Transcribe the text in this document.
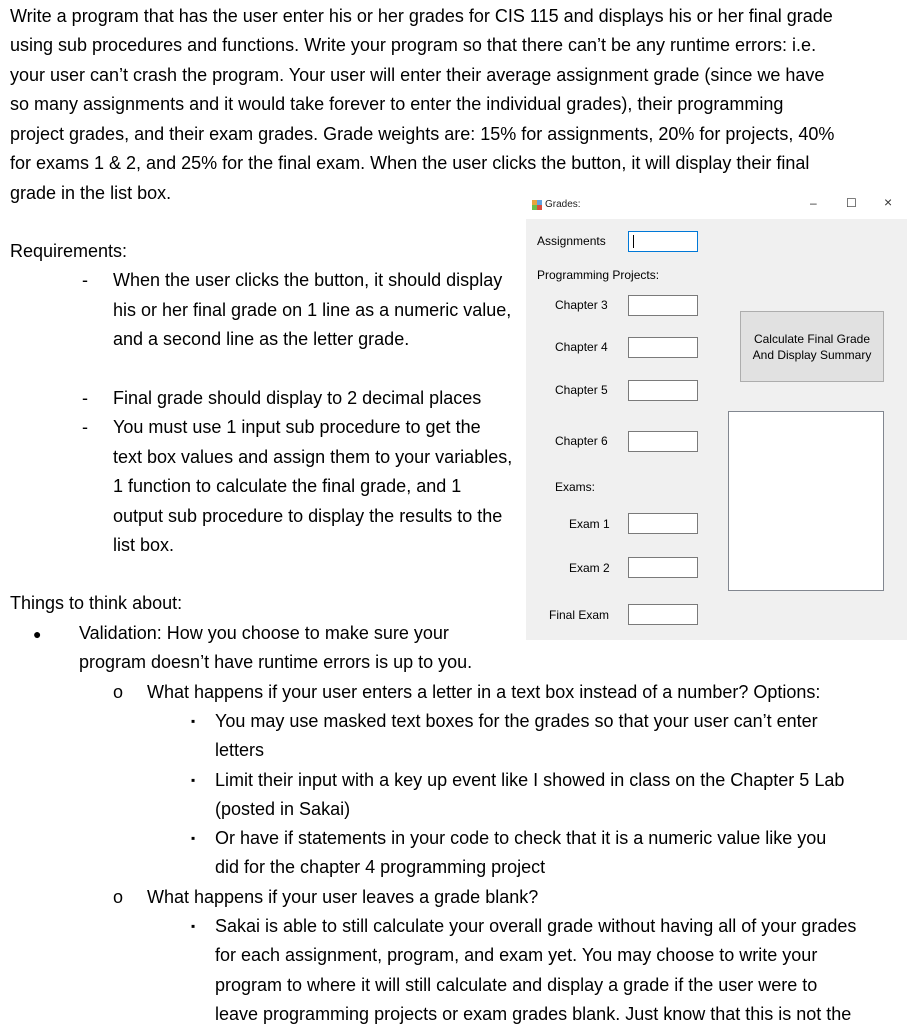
Write a program that has the user enter his or her grades for CIS 115 and displays his or her final grade
using sub procedures and functions. Write your program so that there can’t be any runtime errors: i.e.
your user can’t crash the program. Your user will enter their average assignment grade (since we have
so many assignments and it would take forever to enter the individual grades), their programming
project grades, and their exam grades. Grade weights are: 15% for assignments, 20% for projects, 40%
for exams 1 & 2, and 25% for the final exam. When the user clicks the button, it will display their final
grade in the list box.
Requirements:
- When the user clicks the button, it should display his or her final grade on 1 line as a numeric value, and a second line as the letter grade.
- Final grade should display to 2 decimal places
- You must use 1 input sub procedure to get the text box values and assign them to your variables, 1 function to calculate the final grade, and 1 output sub procedure to display the results to the list box.
Things to think about:
● Validation: How you choose to make sure your
program doesn’t have runtime errors is up to you.
o What happens if your user enters a letter in a text box instead of a number? Options:
▪ You may use masked text boxes for the grades so that your user can’t enter
letters
▪ Limit their input with a key up event like I showed in class on the Chapter 5 Lab
(posted in Sakai)
▪ Or have if statements in your code to check that it is a numeric value like you
did for the chapter 4 programming project
o What happens if your user leaves a grade blank?
▪ Sakai is able to still calculate your overall grade without having all of your grades
for each assignment, program, and exam yet. You may choose to write your
program to where it will still calculate and display a grade if the user were to
leave programming projects or exam grades blank. Just know that this is not the
Grades:	– ☐ ×
Assignments
Programming Projects:
Chapter 3
Chapter 4
Chapter 5
Chapter 6
Exams:
Exam 1
Exam 2
Final Exam
Calculate Final Grade
And Display Summary
